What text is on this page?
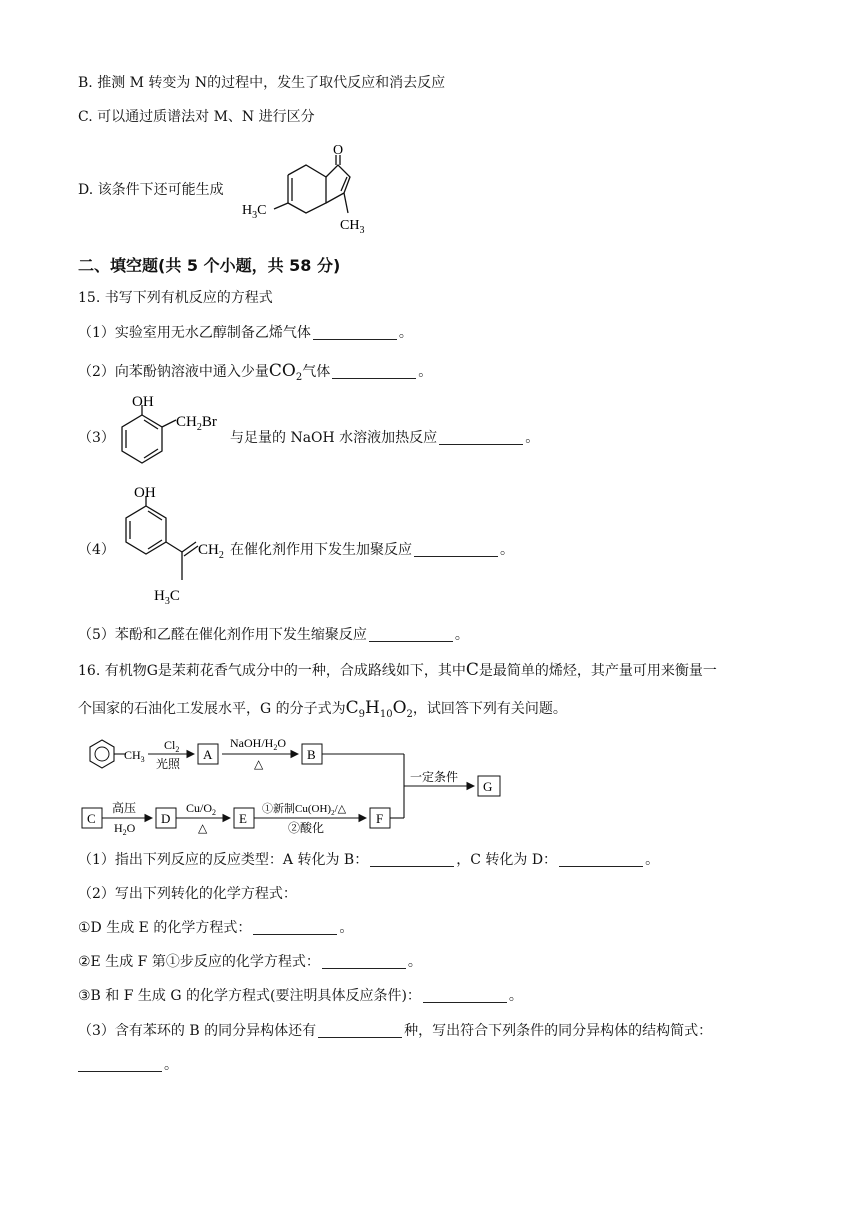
B. 推测 M 转变为 N的过程中，发生了取代反应和消去反应
C. 可以通过质谱法对 M、N 进行区分
D. 该条件下还可能生成
O
$H_3C$
$CH_3$
二、填空题(共 5 个小题，共 58 分)
15. 书写下列有机反应的方程式
（1）实验室用无水乙醇制备乙烯气体	。
（2）向苯酚钠溶液中通入少量$CO_2$气体	。
（3）
OH
$CH_2Br$
与足量的 NaOH 水溶液加热反应	。
（4）
OH
$CH_2$
$H_3C$
在催化剂作用下发生加聚反应	。
（5）苯酚和乙醛在催化剂作用下发生缩聚反应	。
16. 有机物G是茉莉花香气成分中的一种，合成路线如下，其中C是最简单的烯烃，其产量可用来衡量一
个国家的石油化工发展水平，G 的分子式为$C_9H_{10}O_2$，试回答下列有关问题。
$CH_3$
$Cl_2$
光照
A
NaOH/$H_2O$
△
B
一定条件
G
C
高压
$H_2O$
D
$Cu/O_2$
△
E
①新制$Cu(OH)_2/\triangle$
②酸化
F
（1）指出下列反应的反应类型：A 转化为 B：	，C 转化为 D：	。
（2）写出下列转化的化学方程式：
①D 生成 E 的化学方程式：	。
②E 生成 F 第①步反应的化学方程式：	。
③B 和 F 生成 G 的化学方程式(要注明具体反应条件)：	。
（3）含有苯环的 B 的同分异构体还有	种，写出符合下列条件的同分异构体的结构简式：
。
